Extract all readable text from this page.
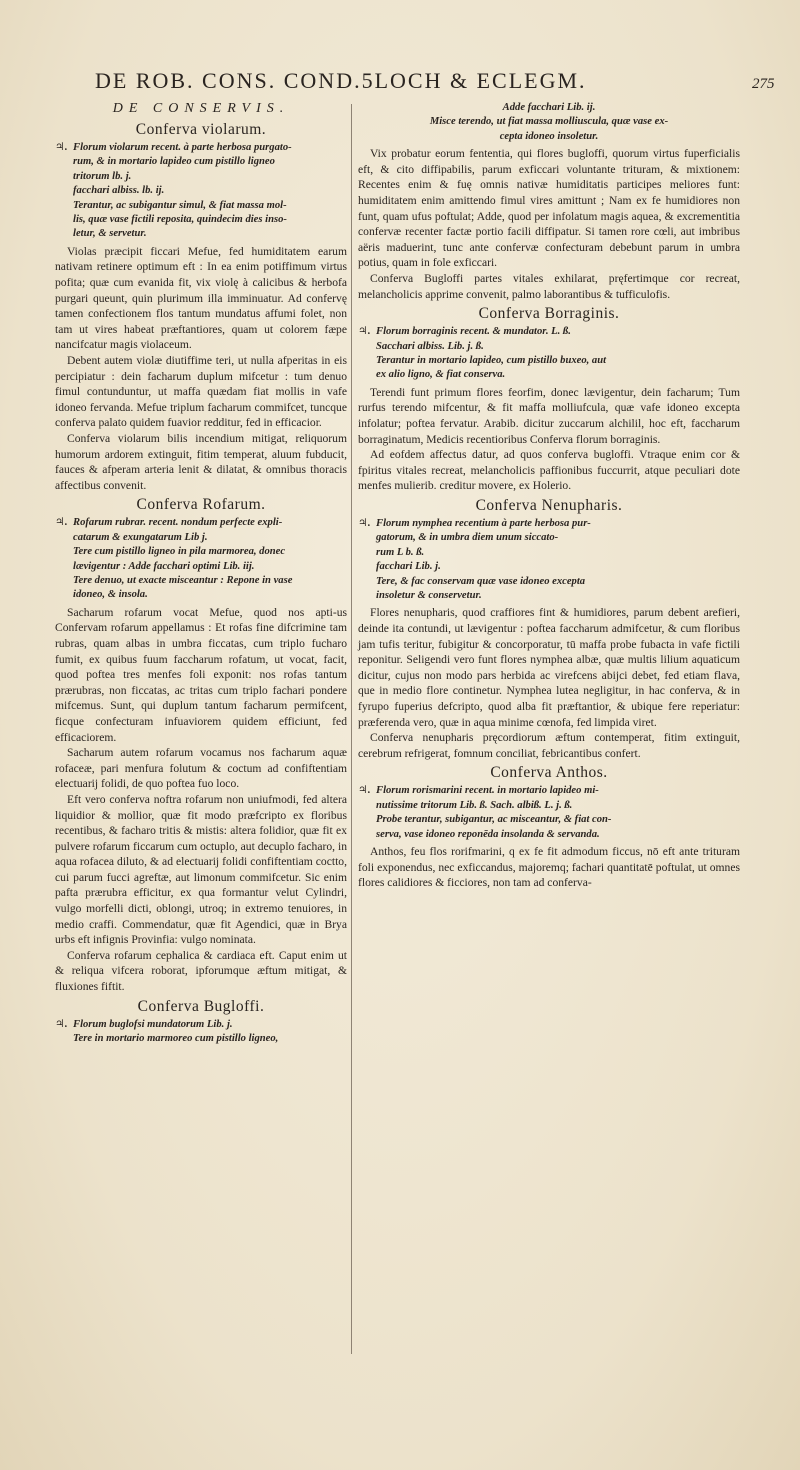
DE ROB. CONS. COND.5LOCH & ECLEGM.	275
DE CONSERVIS.
Conferva violarum.
♃. Florum violarum recent. à parte herbosa purgato-
rum, & in mortario lapideo cum pistillo ligneo
tritorum lb. j.
facchari albiss. lb. ij.
Terantur, ac subigantur simul, & fiat massa mol-
lis, quæ vase fictili reposita, quindecim dies inso-
letur, & servetur.

Violas præcipit ficcari Mefue, fed humiditatem earum nativam retinere optimum eft : In ea enim potiffimum virtus pofita; quæ cum evanida fit, vix violę à calicibus & herbofa purgari queunt, quin plurimum illa imminuatur. Ad confervę tamen confectionem flos tantum mundatus affumi folet, non tam ut vires habeat præftantiores, quam ut colorem fæpe nancifcatur magis violaceum.

Debent autem violæ diutiffime teri, ut nulla afperitas in eis percipiatur : dein facharum duplum mifcetur : tum denuo fimul contunduntur, ut maffa quædam fiat mollis in vafe idoneo fervanda. Mefue triplum facharum commifcet, tuncque conferva palato quidem fuavior redditur, fed in efficacior.

Conferva violarum bilis incendium mitigat, reliquorum humorum ardorem extinguit, fitim temperat, aluum fubducit, fauces & afperam arteria lenit & dilatat, & omnibus thoracis affectibus convenit.

Conferva Rofarum.
♃. Rofarum rubrar. recent. nondum perfecte expli-
catarum & exungatarum Lib j.
Tere cum pistillo ligneo in pila marmorea, donec
lævigentur : Adde facchari optimi Lib. iij.
Tere denuo, ut exacte misceantur : Repone in vase
idoneo, & insola.

Sacharum rofarum vocat Mefue, quod nos apti-us Confervam rofarum appellamus : Et rofas fine difcrimine tam rubras, quam albas in umbra ficcatas, cum triplo fucharo fumit, ex quibus fuum faccharum rofatum, ut vocat, facit, quod poftea tres menfes foli exponit: nos rofas tantum prærubras, non ficcatas, ac tritas cum triplo fachari pondere mifcemus. Sunt, qui duplum tantum facharum permifcent, ficque confecturam infuaviorem quidem efficiunt, fed efficaciorem.

Sacharum autem rofarum vocamus nos facharum aquæ rofaceæ, pari menfura folutum & coctum ad confiftentiam electuarij folidi, de quo poftea fuo loco.

Eft vero conferva noftra rofarum non uniufmodi, fed altera liquidior & mollior, quæ fit modo præfcripto ex floribus recentibus, & facharo tritis & mistis: altera folidior, quæ fit ex pulvere rofarum ficcarum cum octuplo, aut decuplo facharo, in aqua rofacea diluto, & ad electuarij folidi confiftentiam coctto, cui parum fucci agreftæ, aut limonum commifcetur. Sic enim pafta prærubra efficitur, ex qua formantur velut Cylindri, vulgo morfelli dicti, oblongi, utroq; in extremo tenuiores, in medio craffi. Commendatur, quæ fit Agendici, quæ in Brya urbs eft infignis Provinfia: vulgo nominata.

Conferva rofarum cephalica & cardiaca eft. Caput enim ut & reliqua vifcera roborat, ipforumque æftum mitigat, & fluxiones fiftit.

Conferva Bugloffi.
♃. Florum buglofsi mundatorum Lib. j.
Tere in mortario marmoreo cum pistillo ligneo,
Adde facchari Lib. ij.
Misce terendo, ut fiat massa molliuscula, quæ vase ex-
cepta idoneo insoletur.

Vix probatur eorum fententia, qui flores bugloffi, quorum virtus fuperficialis eft, & cito diffipabilis, parum exficcari voluntante trituram, & mixtionem: Recentes enim & fuę omnis nativæ humiditatis participes meliores funt: humiditatem enim amittendo fimul vires amittunt ; Nam ex fe humidiores non funt, quam ufus poftulat; Adde, quod per infolatum magis aquea, & excrementitia confervæ recenter factæ portio facili diffipatur. Si tamen rore cœli, aut imbribus aëris maduerint, tunc ante confervæ confecturam debebunt parum in umbra potius, quam in fole exficcari.

Conferva Bugloffi partes vitales exhilarat, pręfertimque cor recreat, melancholicis apprime convenit, palmo laborantibus & tufficulofis.

Conferva Borraginis.
♃. Florum borraginis recent. & mundator. L. ß.
Sacchari albiss. Lib. j. ß.
Terantur in mortario lapideo, cum pistillo buxeo, aut
ex alio ligno, & fiat conserva.

Terendi funt primum flores feorfim, donec lævigentur, dein facharum; Tum rurfus terendo mifcentur, & fit maffa molliufcula, quæ vafe idoneo excepta infolatur; poftea fervatur. Arabib. dicitur zuccarum alchilil, hoc eft, faccharum borraginatum, Medicis recentioribus Conferva florum borraginis.

Ad eofdem affectus datur, ad quos conferva bugloffi. Vtraque enim cor & fpiritus vitales recreat, melancholicis paffionibus fuccurrit, atque peculiari dote menfes mulierib. creditur movere, ex Holerio.

Conferva Nenupharis.
♃. Florum nymphea recentium à parte herbosa pur-
gatorum, & in umbra diem unum siccato-
rum L b. ß.
facchari Lib. j.
Tere, & fac conservam quæ vase idoneo excepta
insoletur & conservetur.

Flores nenupharis, quod craffiores fint & humidiores, parum debent arefieri, deinde ita contundi, ut lævigentur : poftea faccharum admifcetur, & cum floribus jam tufis teritur, fubigitur & concorporatur, tū maffa probe fubacta in vafe fictili reponitur. Seligendi vero funt flores nymphea albæ, quæ multis lilium aquaticum dicitur, cujus non modo pars herbida ac virefcens abijci debet, fed etiam flava, que in medio flore continetur. Nymphea lutea negligitur, in hac conferva, & in fyrupo fuperius defcripto, quod alba fit præftantior, & ubique fere reperiatur: præferenda vero, quæ in aqua minime cœnofa, fed limpida viret.

Conferva nenupharis pręcordiorum æftum contemperat, fitim extinguit, cerebrum refrigerat, fomnum conciliat, febricantibus confert.

Conferva Anthos.
♃. Florum rorismarini recent. in mortario lapideo mi-
nutissime tritorum Lib. ß. Sach. albiß. L. j. ß.
Probe terantur, subigantur, ac misceantur, & fiat con-
serva, vase idoneo reponēda insolanda & servanda.

Anthos, feu flos rorifmarini, q ex fe fit admodum ficcus, nō eft ante trituram foli exponendus, nec exficcandus, majoremq; fachari quantitatē poftulat, ut omnes flores calidiores & ficciores, non tam ad conferva-
